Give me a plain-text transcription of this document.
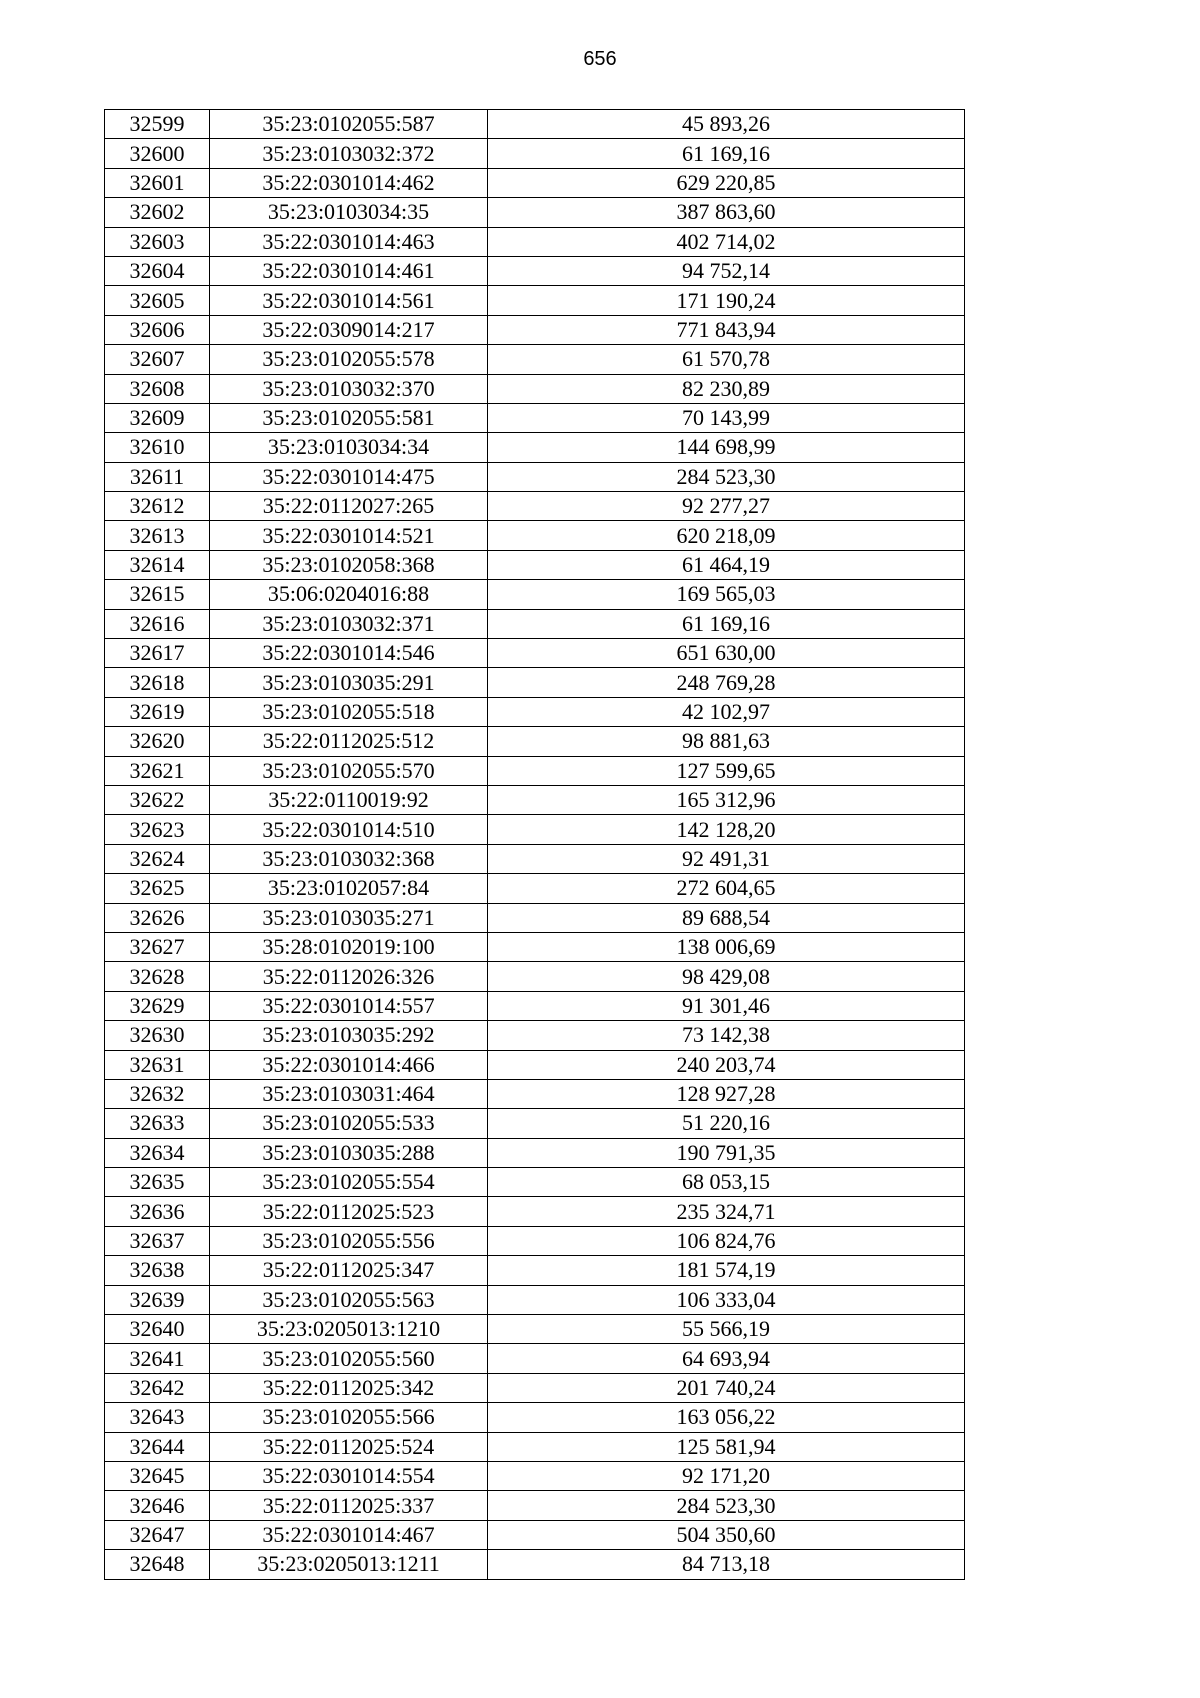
656
32599	35:23:0102055:587	45 893,26
32600	35:23:0103032:372	61 169,16
32601	35:22:0301014:462	629 220,85
32602	35:23:0103034:35	387 863,60
32603	35:22:0301014:463	402 714,02
32604	35:22:0301014:461	94 752,14
32605	35:22:0301014:561	171 190,24
32606	35:22:0309014:217	771 843,94
32607	35:23:0102055:578	61 570,78
32608	35:23:0103032:370	82 230,89
32609	35:23:0102055:581	70 143,99
32610	35:23:0103034:34	144 698,99
32611	35:22:0301014:475	284 523,30
32612	35:22:0112027:265	92 277,27
32613	35:22:0301014:521	620 218,09
32614	35:23:0102058:368	61 464,19
32615	35:06:0204016:88	169 565,03
32616	35:23:0103032:371	61 169,16
32617	35:22:0301014:546	651 630,00
32618	35:23:0103035:291	248 769,28
32619	35:23:0102055:518	42 102,97
32620	35:22:0112025:512	98 881,63
32621	35:23:0102055:570	127 599,65
32622	35:22:0110019:92	165 312,96
32623	35:22:0301014:510	142 128,20
32624	35:23:0103032:368	92 491,31
32625	35:23:0102057:84	272 604,65
32626	35:23:0103035:271	89 688,54
32627	35:28:0102019:100	138 006,69
32628	35:22:0112026:326	98 429,08
32629	35:22:0301014:557	91 301,46
32630	35:23:0103035:292	73 142,38
32631	35:22:0301014:466	240 203,74
32632	35:23:0103031:464	128 927,28
32633	35:23:0102055:533	51 220,16
32634	35:23:0103035:288	190 791,35
32635	35:23:0102055:554	68 053,15
32636	35:22:0112025:523	235 324,71
32637	35:23:0102055:556	106 824,76
32638	35:22:0112025:347	181 574,19
32639	35:23:0102055:563	106 333,04
32640	35:23:0205013:1210	55 566,19
32641	35:23:0102055:560	64 693,94
32642	35:22:0112025:342	201 740,24
32643	35:23:0102055:566	163 056,22
32644	35:22:0112025:524	125 581,94
32645	35:22:0301014:554	92 171,20
32646	35:22:0112025:337	284 523,30
32647	35:22:0301014:467	504 350,60
32648	35:23:0205013:1211	84 713,18
